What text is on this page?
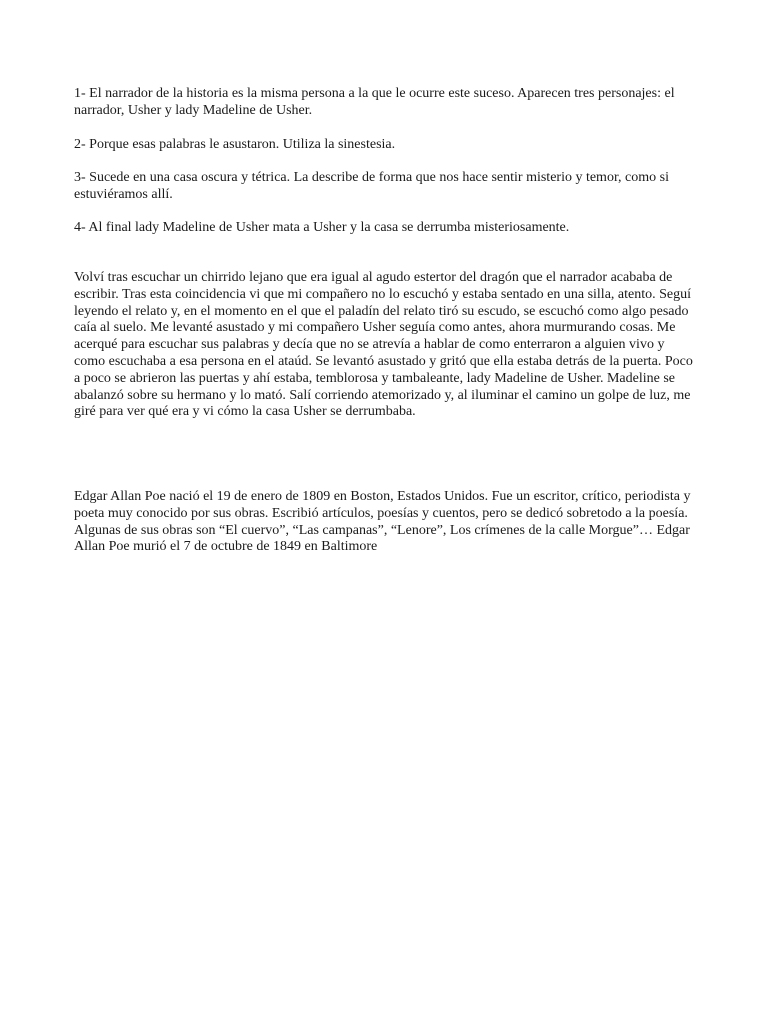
1- El narrador de la historia es la misma persona a la que le ocurre este suceso. Aparecen tres personajes: el narrador, Usher y lady Madeline de Usher.

2- Porque esas palabras le asustaron. Utiliza la sinestesia.

3- Sucede en una casa oscura y tétrica. La describe de forma que nos hace sentir misterio y temor, como si estuviéramos allí.

4- Al final lady Madeline de Usher mata a Usher y la casa se derrumba misteriosamente.

Volví tras escuchar un chirrido lejano que era igual al agudo estertor del dragón que el narrador acababa de escribir. Tras esta coincidencia vi que mi compañero no lo escuchó y estaba sentado en una silla, atento. Seguí leyendo el relato y, en el momento en el que el paladín del relato tiró su escudo, se escuchó como algo pesado caía al suelo. Me levanté asustado y mi compañero Usher seguía como antes, ahora murmurando cosas. Me acerqué para escuchar sus palabras y decía que no se atrevía a hablar de como enterraron a alguien vivo y como escuchaba a esa persona en el ataúd. Se levantó asustado y gritó que ella estaba detrás de la puerta. Poco a poco se abrieron las puertas y ahí estaba, temblorosa y tambaleante, lady Madeline de Usher. Madeline se abalanzó sobre su hermano y lo mató. Salí corriendo atemorizado y, al iluminar el camino un golpe de luz, me giré para ver qué era y vi cómo la casa Usher se derrumbaba.

Edgar Allan Poe nació el 19 de enero de 1809 en Boston, Estados Unidos. Fue un escritor, crítico, periodista y poeta muy conocido por sus obras. Escribió artículos, poesías y cuentos, pero se dedicó sobretodo a la poesía. Algunas de sus obras son “El cuervo”, “Las campanas”, “Lenore”, Los crímenes de la calle Morgue”… Edgar Allan Poe murió el 7 de octubre de 1849 en Baltimore
